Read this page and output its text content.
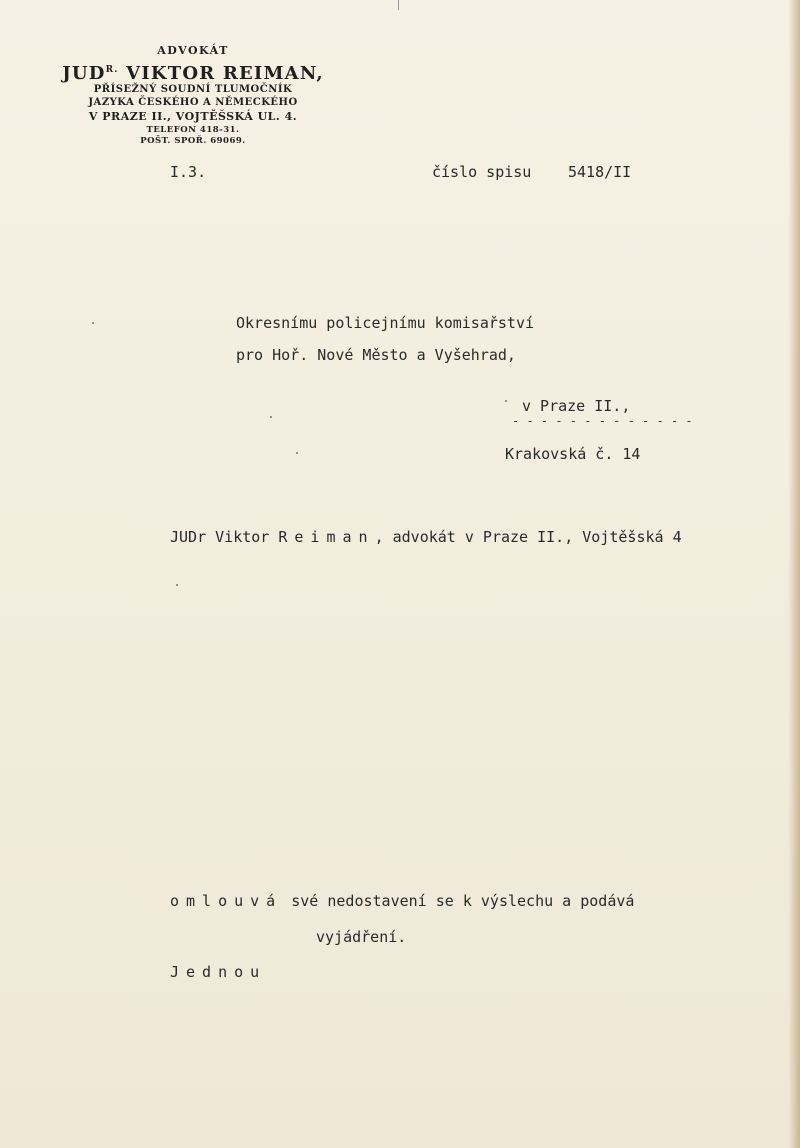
ADVOKÁT
$JUD^{R.}$ VIKTOR REIMAN,
PŘÍSEŽNÝ SOUDNÍ TLUMOČNÍK
JAZYKA ČESKÉHO A NĚMECKÉHO
V PRAZE II., VOJTĚŠSKÁ UL. 4.
TELEFON 418-31.
POŠT. SPOŘ. 69069.
I.3.	číslo spisu 5418/II
Okresnímu policejnímu komisařství
pro Hoř. Nové Město a Vyšehrad,
v Praze II.,
- - - - - - - - - - - - -
Krakovská č. 14
JUDr Viktor Reiman, advokát v Praze II., Vojtěšská 4
omlouvá své nedostavení se k výslechu a podává
vyjádření.
Jednou
